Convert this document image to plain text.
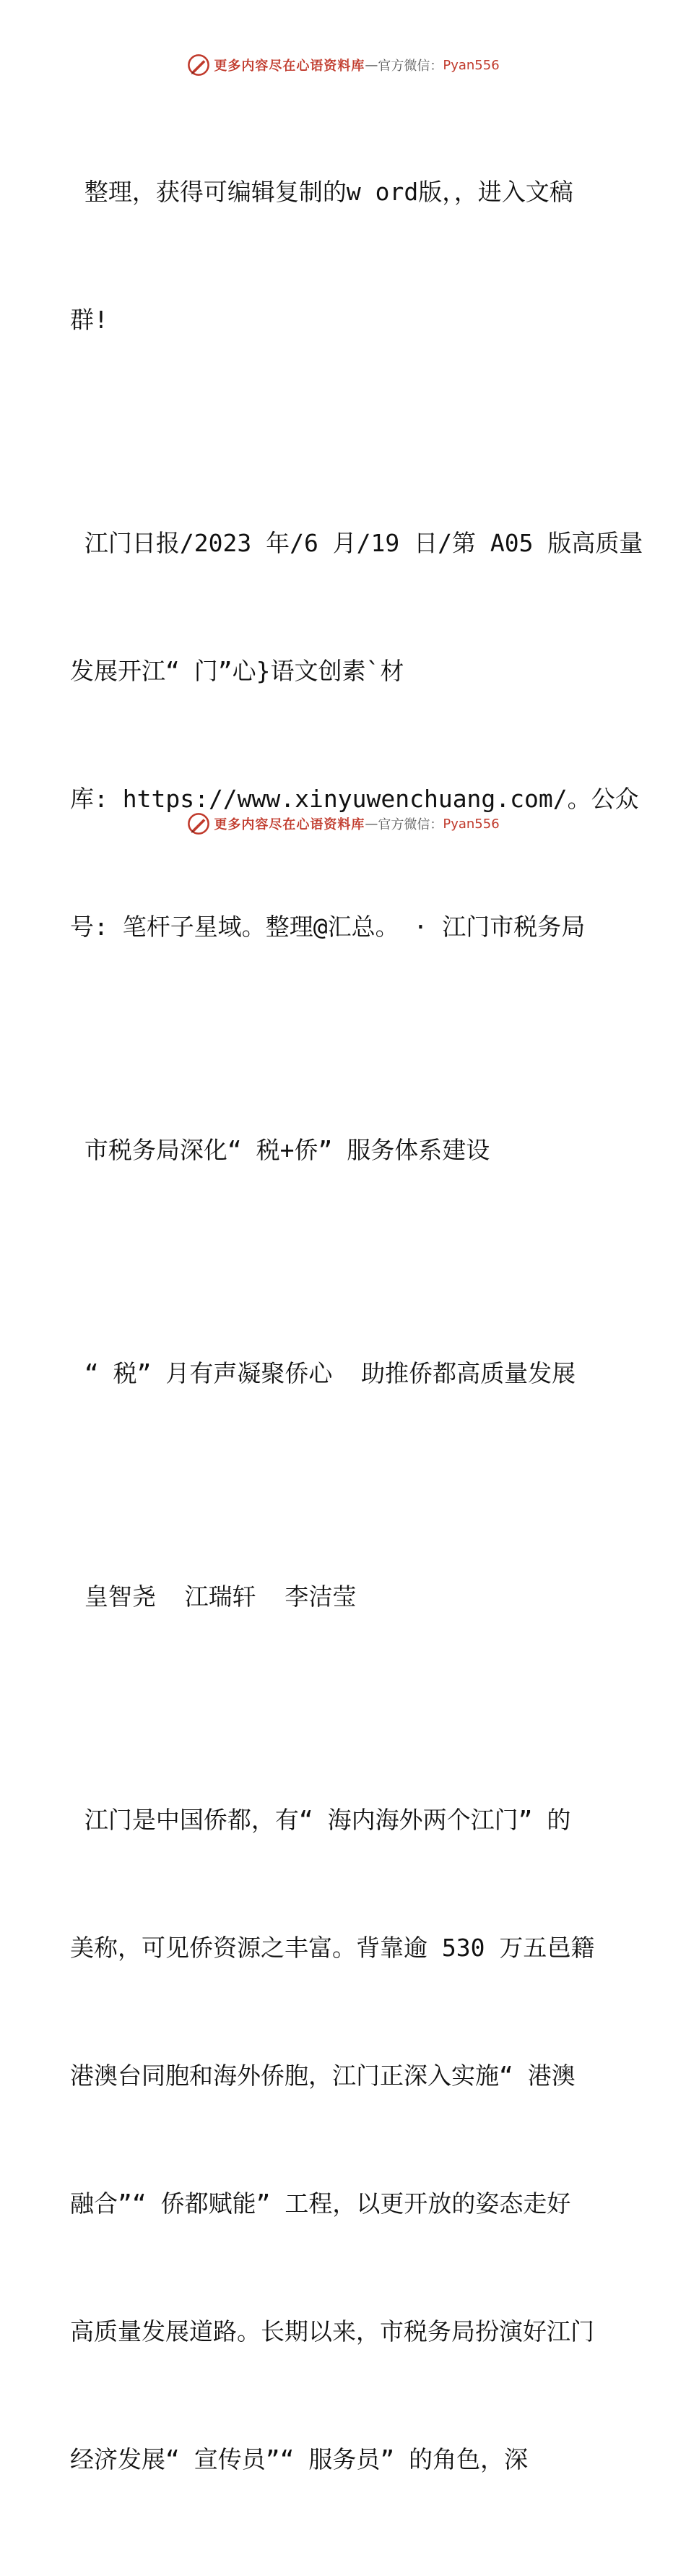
更多内容尽在心语资料库 — 官方微信： Pyan556

整理，获得可编辑复制的w ord版，，进入文稿

群!

江门日报/2023 年/6 月/19 日/第 A05 版高质量

发展开江“ 门”心}语文创素`材

库: https://www.xinyuwenchuang.com/。公众

号: 笔杆子星域。整理@汇总。 · 江门市税务局

市税务局深化“ 税+侨” 服务体系建设

“ 税” 月有声凝聚侨心  助推侨都高质量发展

皇智尧  江瑞轩  李洁莹

江门是中国侨都，有“ 海内海外两个江门” 的

美称，可见侨资源之丰富。背靠逾 530 万五邑籍

港澳台同胞和海外侨胞，江门正深入实施“ 港澳

融合”“ 侨都赋能” 工程，以更开放的姿态走好

高质量发展道路。长期以来，市税务局扮演好江门

经济发展“ 宣传员”“ 服务员” 的角色，深

更多内容尽在心语资料库 — 官方微信： Pyan556
